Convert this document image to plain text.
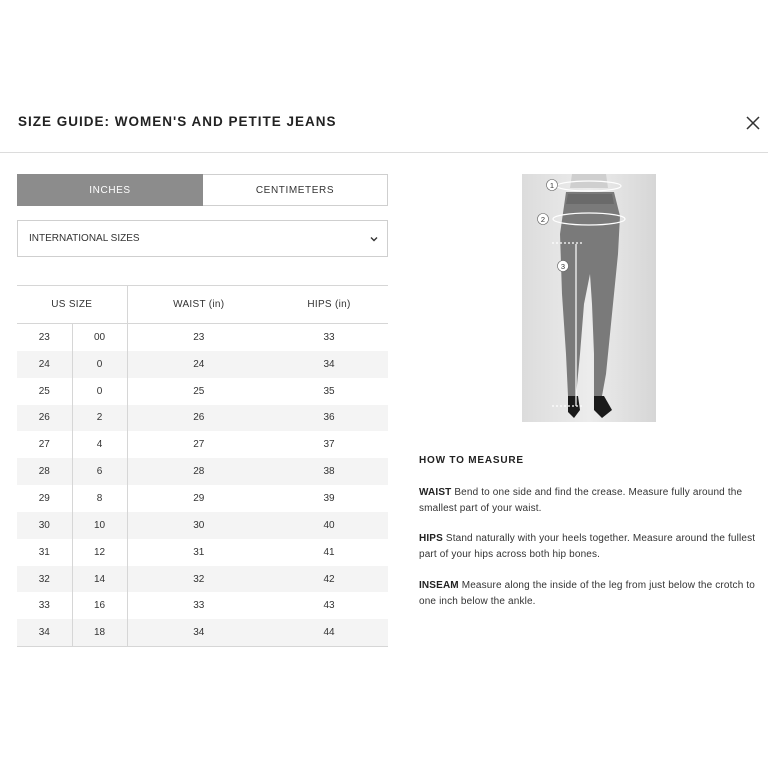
SIZE GUIDE: WOMEN'S AND PETITE JEANS
INCHES	CENTIMETERS
INTERNATIONAL SIZES
US SIZE		WAIST (in)	HIPS (in)
23	00	23	33
24	0	24	34
25	0	25	35
26	2	26	36
27	4	27	37
28	6	28	38
29	8	29	39
30	10	30	40
31	12	31	41
32	14	32	42
33	16	33	43
34	18	34	44
1
2
3
HOW TO MEASURE
WAIST Bend to one side and find the crease. Measure fully around the smallest part of your waist.
HIPS Stand naturally with your heels together. Measure around the fullest part of your hips across both hip bones.
INSEAM Measure along the inside of the leg from just below the crotch to one inch below the ankle.
